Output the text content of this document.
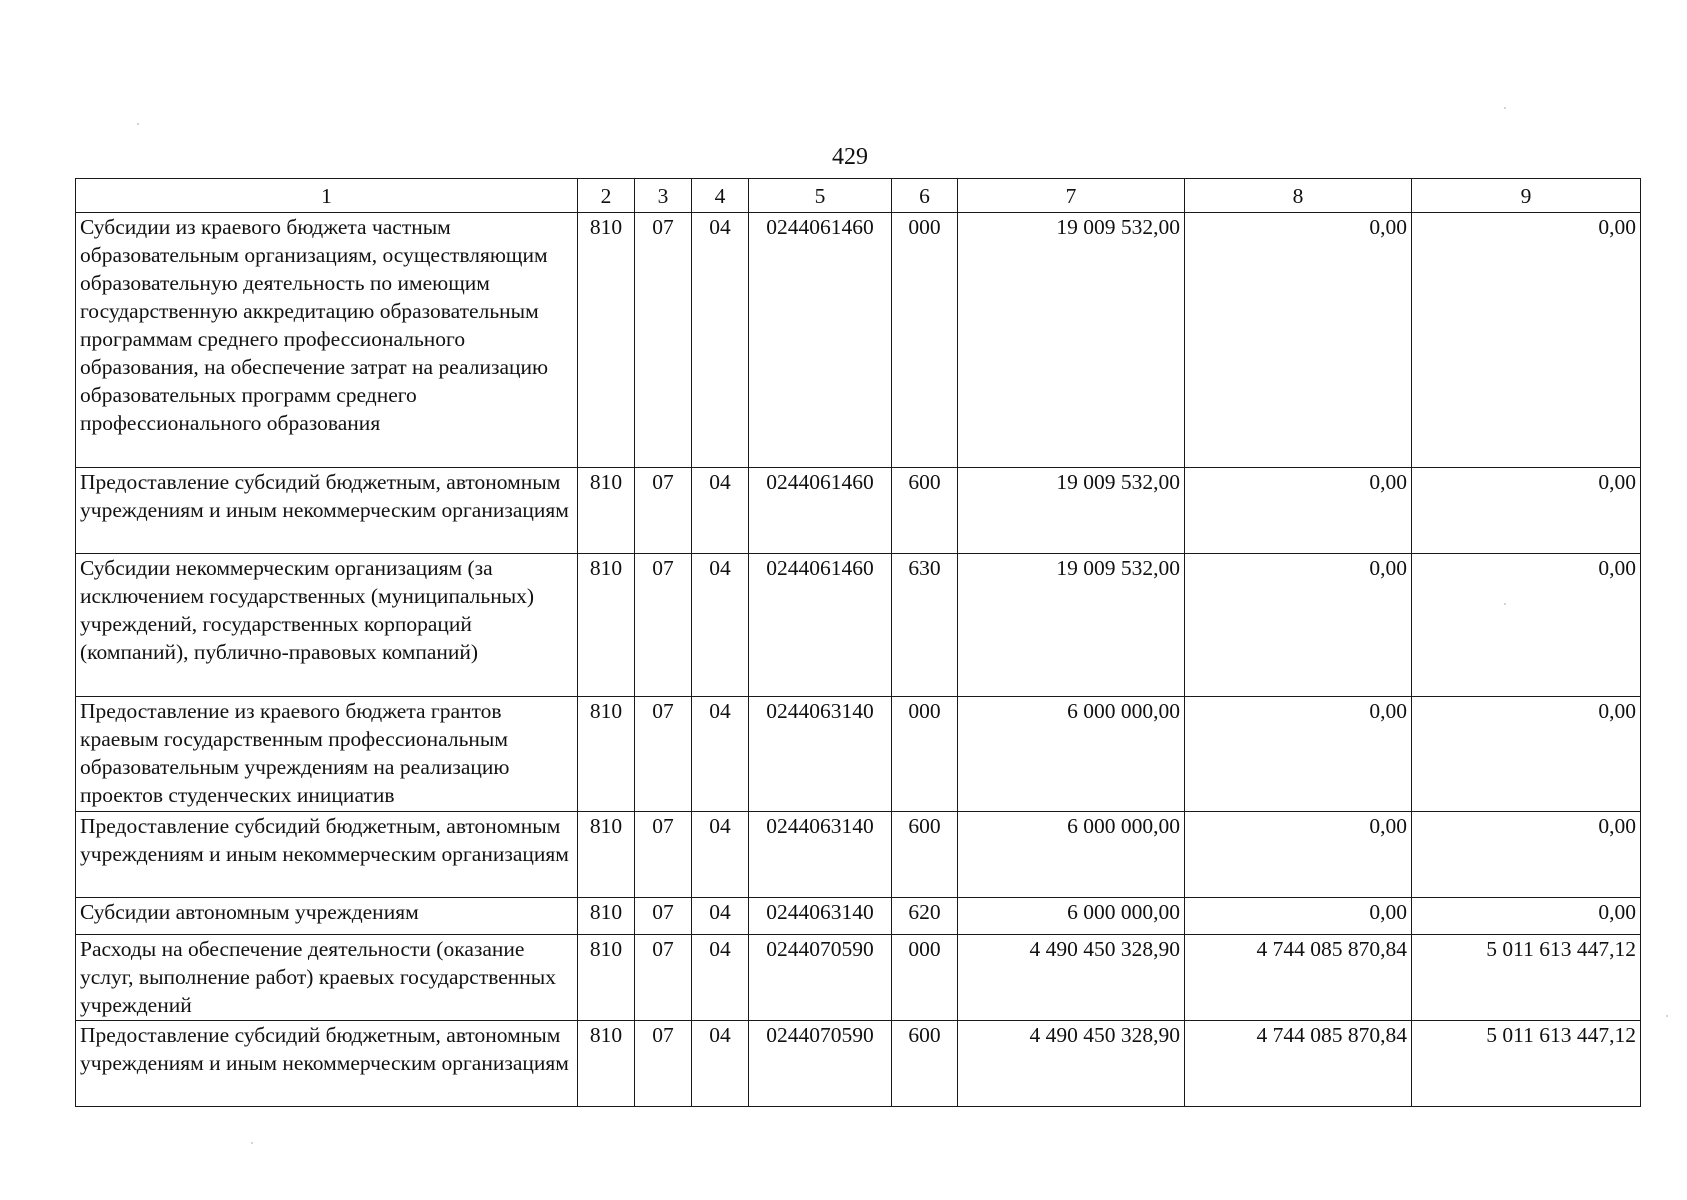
429
1	2	3	4	5	6	7	8	9
Субсидии из краевого бюджета частным образовательным организациям, осуществляющим образовательную деятельность по имеющим государственную аккредитацию образовательным программам среднего профессионального образования, на обеспечение затрат на реализацию образовательных программ среднего профессионального образования	810	07	04	0244061460	000	19 009 532,00	0,00	0,00
Предоставление субсидий бюджетным, автономным учреждениям и иным некоммерческим организациям	810	07	04	0244061460	600	19 009 532,00	0,00	0,00
Субсидии некоммерческим организациям (за исключением государственных (муниципальных) учреждений, государственных корпораций (компаний), публично-правовых компаний)	810	07	04	0244061460	630	19 009 532,00	0,00	0,00
Предоставление из краевого бюджета грантов краевым государственным профессиональным образовательным учреждениям на реализацию проектов студенческих инициатив	810	07	04	0244063140	000	6 000 000,00	0,00	0,00
Предоставление субсидий бюджетным, автономным учреждениям и иным некоммерческим организациям	810	07	04	0244063140	600	6 000 000,00	0,00	0,00
Субсидии автономным учреждениям	810	07	04	0244063140	620	6 000 000,00	0,00	0,00
Расходы на обеспечение деятельности (оказание услуг, выполнение работ) краевых государственных учреждений	810	07	04	0244070590	000	4 490 450 328,90	4 744 085 870,84	5 011 613 447,12
Предоставление субсидий бюджетным, автономным учреждениям и иным некоммерческим организациям	810	07	04	0244070590	600	4 490 450 328,90	4 744 085 870,84	5 011 613 447,12
